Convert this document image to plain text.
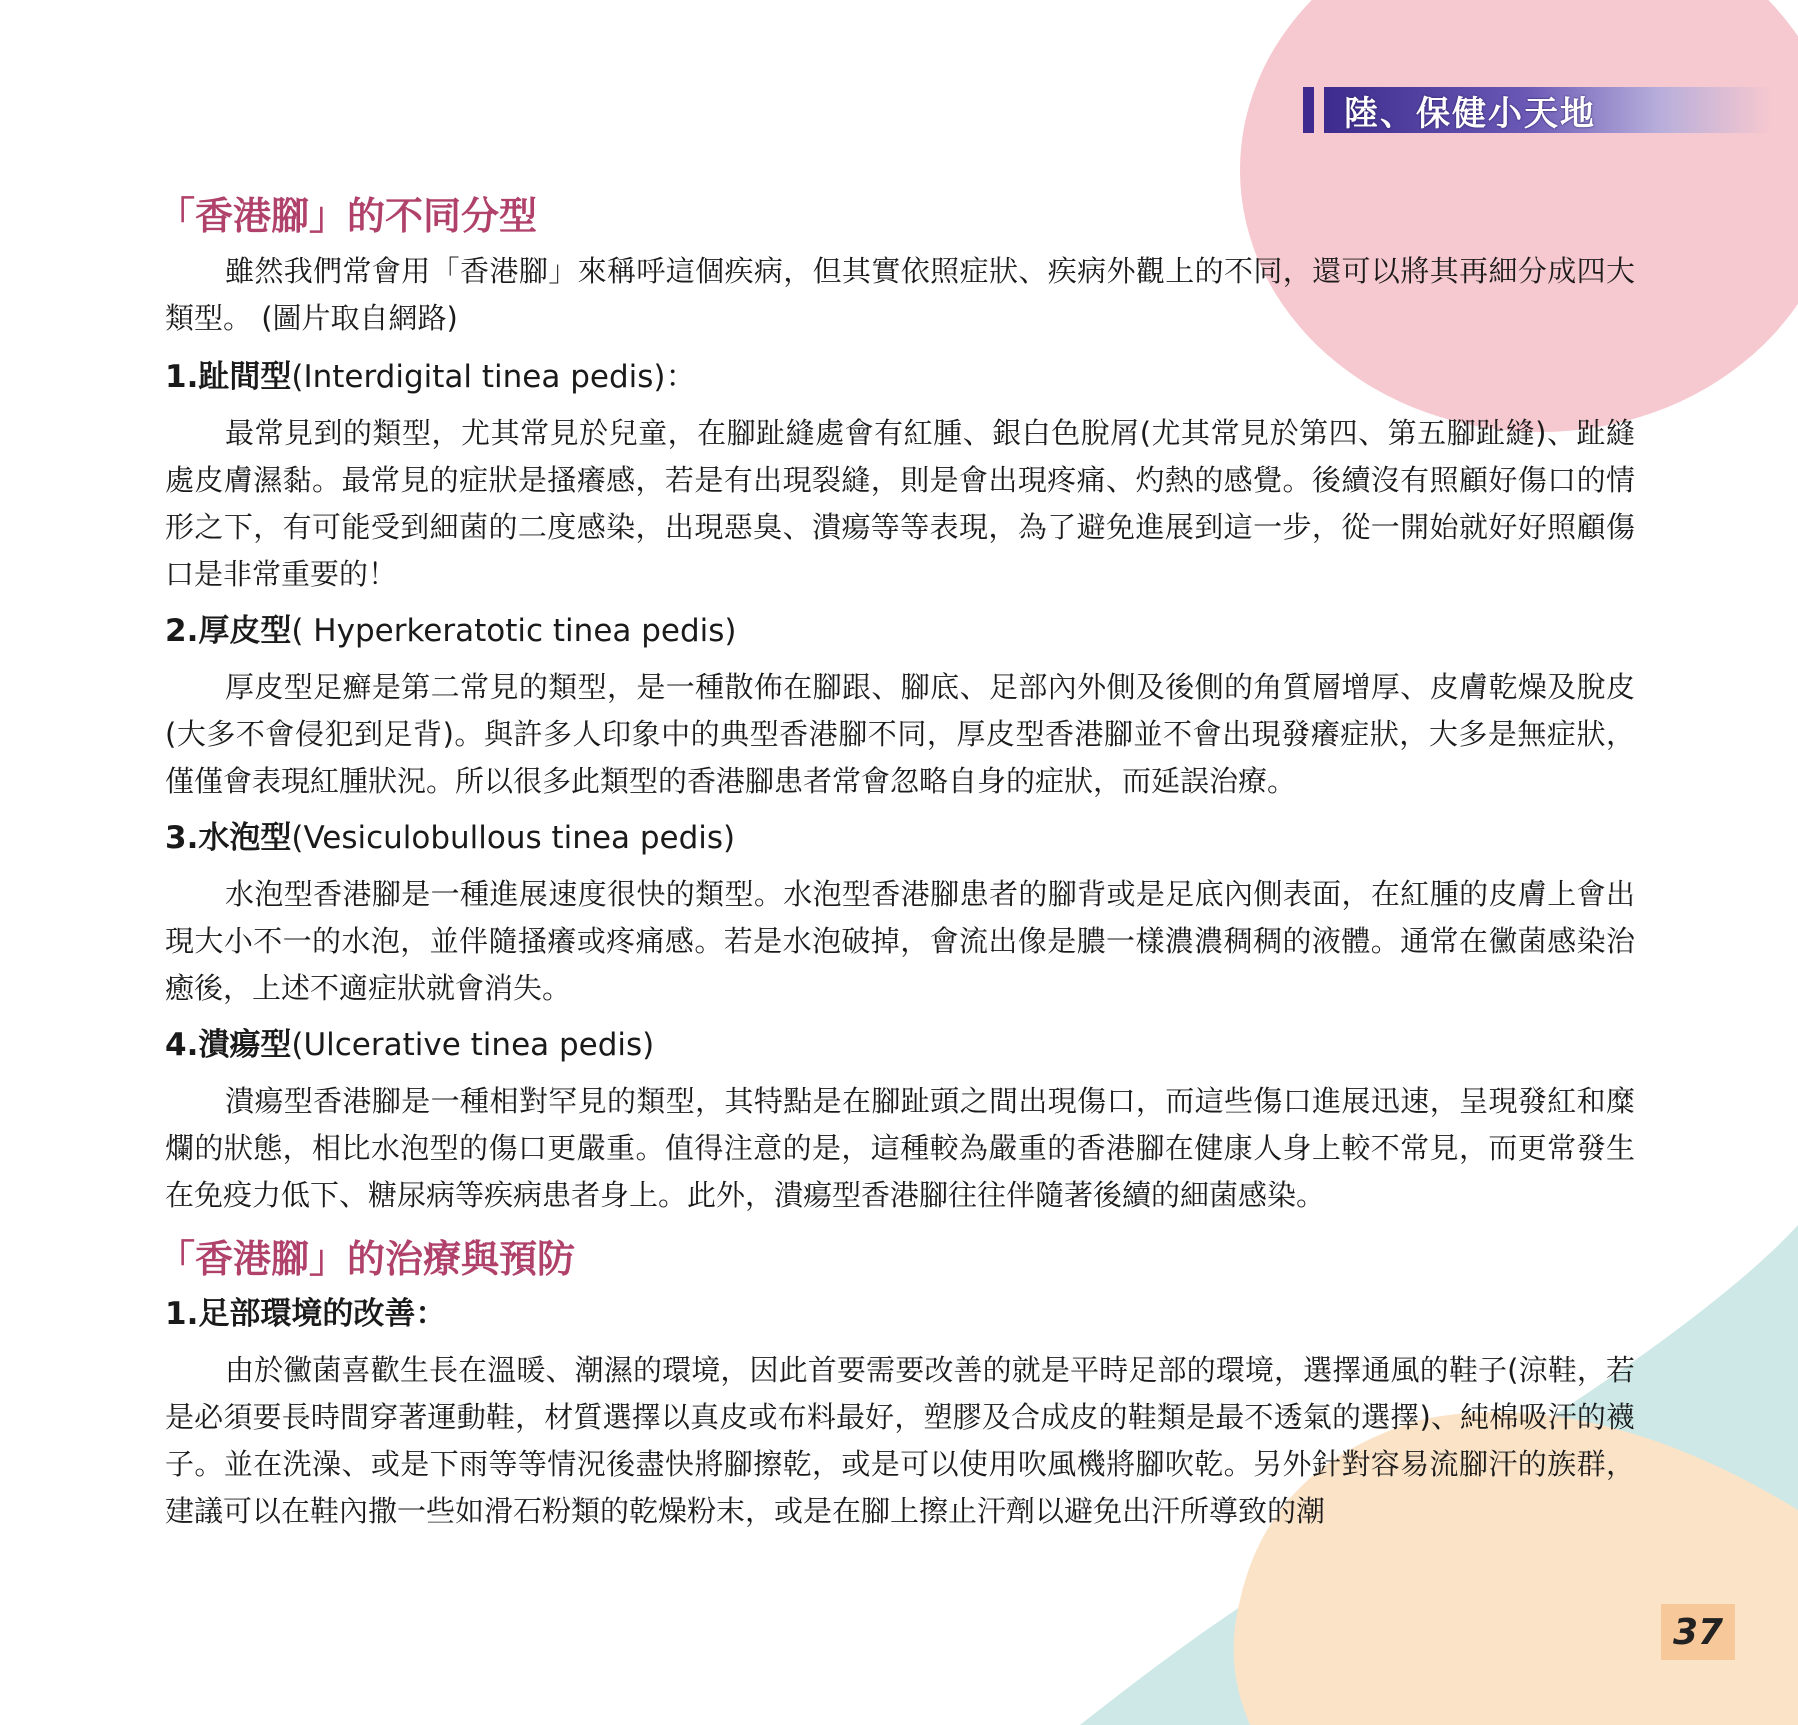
陸、保健小天地
「香港腳」的不同分型

雖然我們常會用「香港腳」來稱呼這個疾病，但其實依照症狀、疾病外觀上的不同，還可以將其再細分成四大類型。 (圖片取自網路)

1.趾間型(Interdigital tinea pedis)：

最常見到的類型，尤其常見於兒童，在腳趾縫處會有紅腫、銀白色脫屑(尤其常見於第四、第五腳趾縫)、趾縫處皮膚濕黏。最常見的症狀是搔癢感，若是有出現裂縫，則是會出現疼痛、灼熱的感覺。後續沒有照顧好傷口的情形之下，有可能受到細菌的二度感染，出現惡臭、潰瘍等等表現，為了避免進展到這一步，從一開始就好好照顧傷口是非常重要的！

2.厚皮型( Hyperkeratotic tinea pedis)

厚皮型足癬是第二常見的類型，是一種散佈在腳跟、腳底、足部內外側及後側的角質層增厚、皮膚乾燥及脫皮(大多不會侵犯到足背)。與許多人印象中的典型香港腳不同，厚皮型香港腳並不會出現發癢症狀，大多是無症狀，僅僅會表現紅腫狀況。所以很多此類型的香港腳患者常會忽略自身的症狀，而延誤治療。

3.水泡型(Vesiculobullous tinea pedis)

水泡型香港腳是一種進展速度很快的類型。水泡型香港腳患者的腳背或是足底內側表面，在紅腫的皮膚上會出現大小不一的水泡，並伴隨搔癢或疼痛感。若是水泡破掉，會流出像是膿一樣濃濃稠稠的液體。通常在黴菌感染治癒後，上述不適症狀就會消失。

4.潰瘍型(Ulcerative tinea pedis)

潰瘍型香港腳是一種相對罕見的類型，其特點是在腳趾頭之間出現傷口，而這些傷口進展迅速，呈現發紅和糜爛的狀態，相比水泡型的傷口更嚴重。值得注意的是，這種較為嚴重的香港腳在健康人身上較不常見，而更常發生在免疫力低下、糖尿病等疾病患者身上。此外，潰瘍型香港腳往往伴隨著後續的細菌感染。

「香港腳」的治療與預防

1.足部環境的改善：

由於黴菌喜歡生長在溫暖、潮濕的環境，因此首要需要改善的就是平時足部的環境，選擇通風的鞋子(涼鞋，若是必須要長時間穿著運動鞋，材質選擇以真皮或布料最好，塑膠及合成皮的鞋類是最不透氣的選擇)、純棉吸汗的襪子。並在洗澡、或是下雨等等情況後盡快將腳擦乾，或是可以使用吹風機將腳吹乾。另外針對容易流腳汗的族群，建議可以在鞋內撒一些如滑石粉類的乾燥粉末，或是在腳上擦止汗劑以避免出汗所導致的潮

37
